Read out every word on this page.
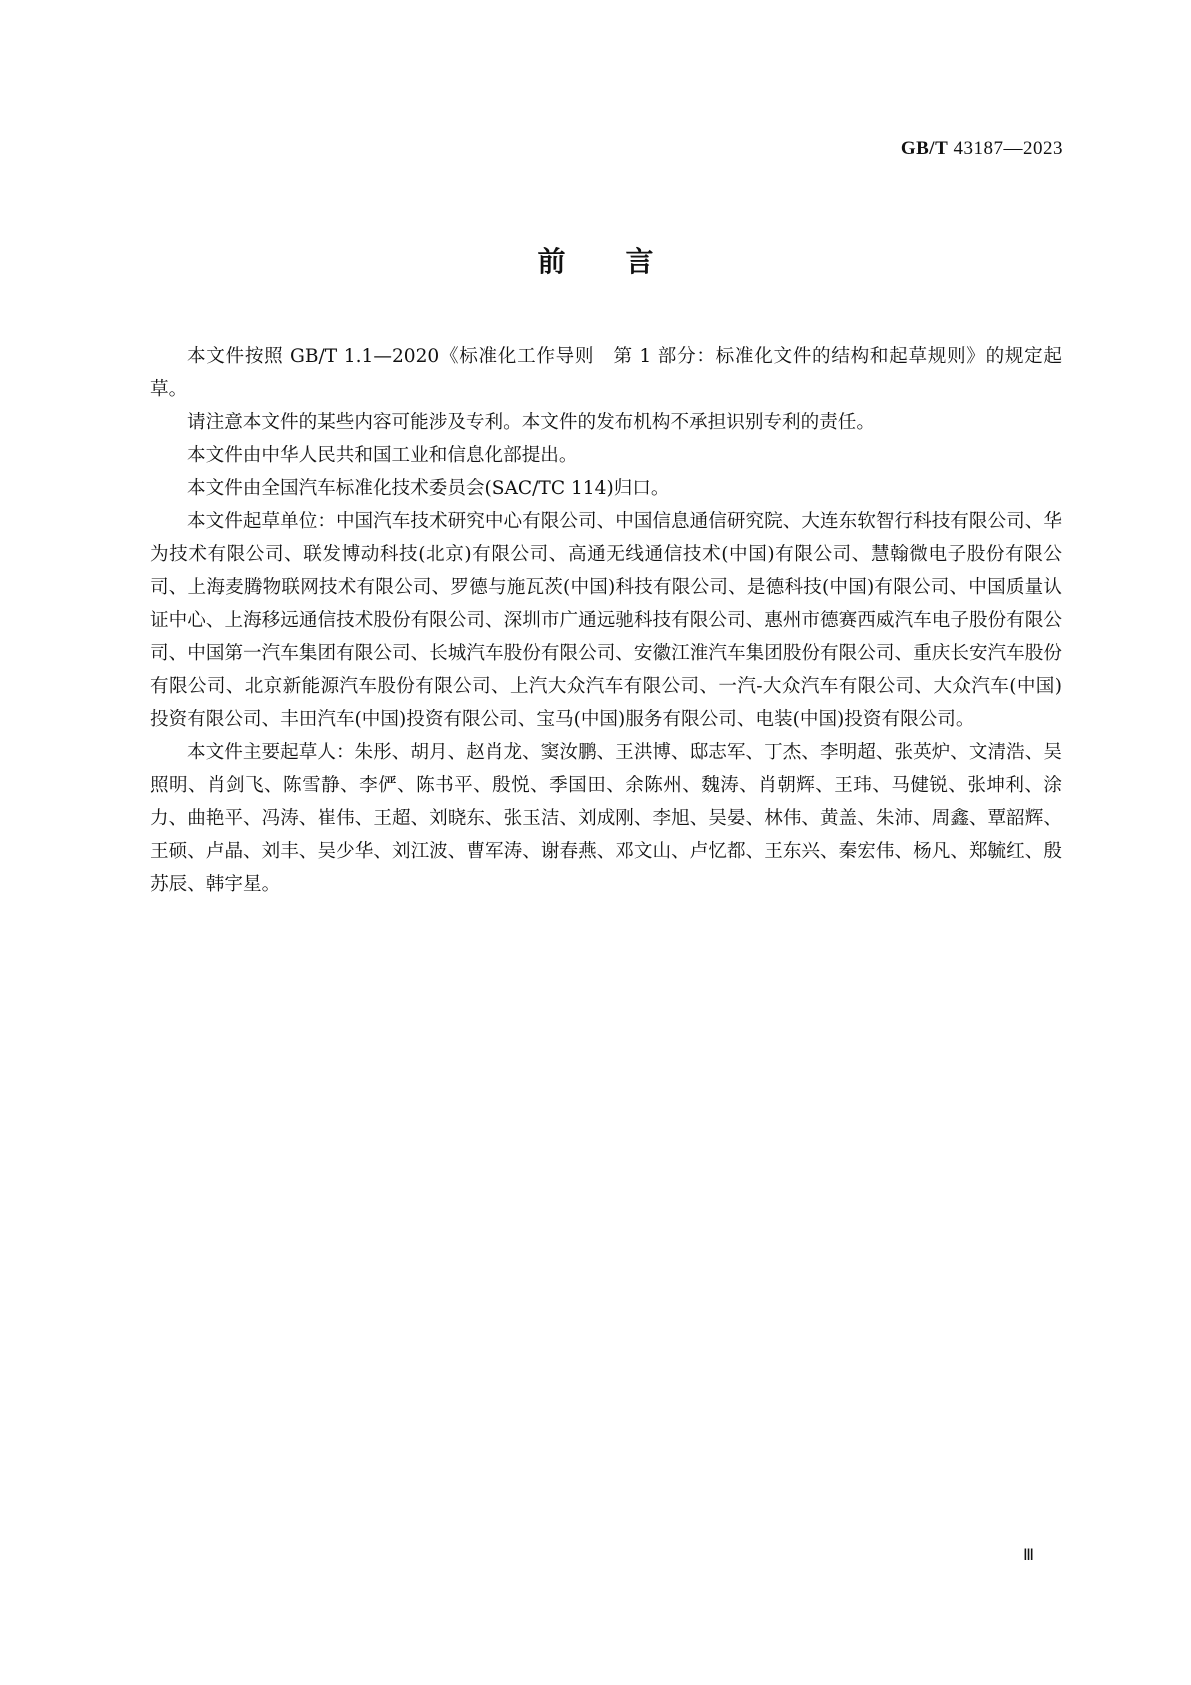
GB/T 43187—2023
前言

本文件按照 GB/T 1.1—2020《标准化工作导则　第 1 部分：标准化文件的结构和起草规则》的规定起草。

请注意本文件的某些内容可能涉及专利。本文件的发布机构不承担识别专利的责任。

本文件由中华人民共和国工业和信息化部提出。

本文件由全国汽车标准化技术委员会(SAC/TC 114)归口。

本文件起草单位：中国汽车技术研究中心有限公司、中国信息通信研究院、大连东软智行科技有限公司、华为技术有限公司、联发博动科技(北京)有限公司、高通无线通信技术(中国)有限公司、慧翰微电子股份有限公司、上海麦腾物联网技术有限公司、罗德与施瓦茨(中国)科技有限公司、是德科技(中国)有限公司、中国质量认证中心、上海移远通信技术股份有限公司、深圳市广通远驰科技有限公司、惠州市德赛西威汽车电子股份有限公司、中国第一汽车集团有限公司、长城汽车股份有限公司、安徽江淮汽车集团股份有限公司、重庆长安汽车股份有限公司、北京新能源汽车股份有限公司、上汽大众汽车有限公司、一汽-大众汽车有限公司、大众汽车(中国)投资有限公司、丰田汽车(中国)投资有限公司、宝马(中国)服务有限公司、电装(中国)投资有限公司。

本文件主要起草人：朱彤、胡月、赵肖龙、窦汝鹏、王洪博、邸志军、丁杰、李明超、张英炉、文清浩、吴照明、肖剑飞、陈雪静、李俨、陈书平、殷悦、季国田、余陈州、魏涛、肖朝辉、王玮、马健锐、张坤利、涂力、曲艳平、冯涛、崔伟、王超、刘晓东、张玉洁、刘成刚、李旭、吴晏、林伟、黄盖、朱沛、周鑫、覃韶辉、王硕、卢晶、刘丰、吴少华、刘江波、曹军涛、谢春燕、邓文山、卢忆都、王东兴、秦宏伟、杨凡、郑毓红、殷苏辰、韩宇星。

Ⅲ
